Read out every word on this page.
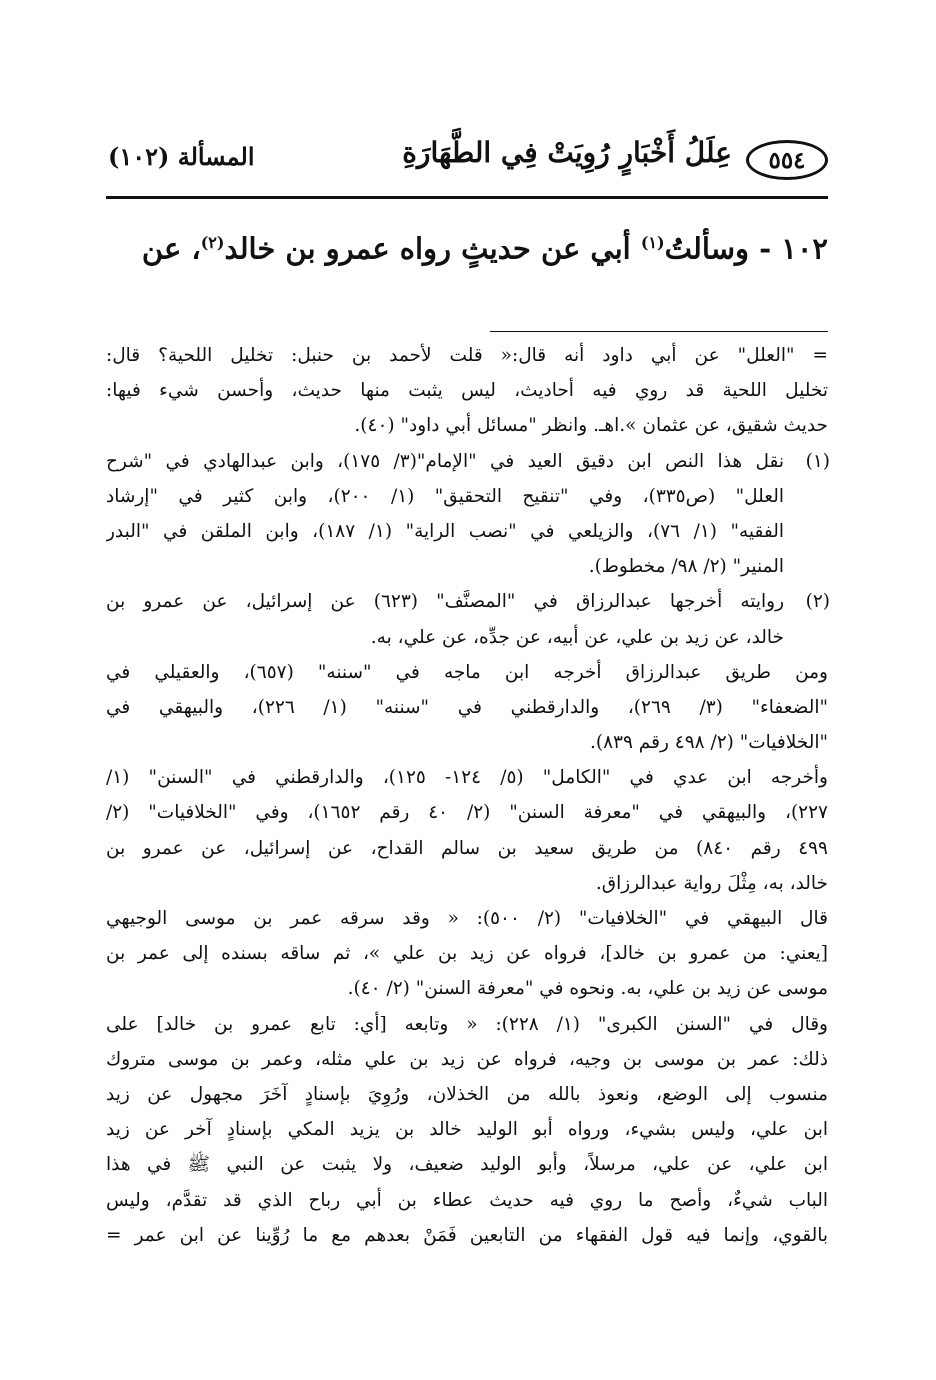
٥٥٤
عِلَلُ أَخْبَارٍ رُوِيَتْ فِي الطَّهَارَةِ
المسألة (١٠٢)
١٠٢ - وسألتُ$^{(١)}$ أبي عن حديثٍ رواه عمرو بن خالد$^{(٢)}$، عن
= "العلل" عن أبي داود أنه قال:« قلت لأحمد بن حنبل: تخليل اللحية؟ قال:
تخليل اللحية قد روي فيه أحاديث، ليس يثبت منها حديث، وأحسن شيء فيها:
حديث شقيق، عن عثمان ».اهـ. وانظر "مسائل أبي داود" (٤٠).
(١)
نقل هذا النص ابن دقيق العيد في "الإمام"(٣/ ١٧٥)، وابن عبدالهادي في "شرح
العلل" (ص٣٣٥)، وفي "تنقيح التحقيق" (١/ ٢٠٠)، وابن كثير في "إرشاد
الفقيه" (١/ ٧٦)، والزيلعي في "نصب الراية" (١/ ١٨٧)، وابن الملقن في "البدر
المنير" (٢/ ٩٨/ مخطوط).
(٢)
روايته أخرجها عبدالرزاق في "المصنَّف" (٦٢٣) عن إسرائيل، عن عمرو بن
خالد، عن زيد بن علي، عن أبيه، عن جدِّه، عن علي، به.
ومن طريق عبدالرزاق أخرجه ابن ماجه في "سننه" (٦٥٧)، والعقيلي في
"الضعفاء" (٣/ ٢٦٩)، والدارقطني في "سننه" (١/ ٢٢٦)، والبيهقي في
"الخلافيات" (٢/ ٤٩٨ رقم ٨٣٩).
وأخرجه ابن عدي في "الكامل" (٥/ ١٢٤- ١٢٥)، والدارقطني في "السنن" (١/
٢٢٧)، والبيهقي في "معرفة السنن" (٢/ ٤٠ رقم ١٦٥٢)، وفي "الخلافيات" (٢/
٤٩٩ رقم ٨٤٠) من طريق سعيد بن سالم القداح، عن إسرائيل، عن عمرو بن
خالد، به، مِثْلَ رواية عبدالرزاق.
قال البيهقي في "الخلافيات" (٢/ ٥٠٠): « وقد سرقه عمر بن موسى الوجيهي
[يعني: من عمرو بن خالد]، فرواه عن زيد بن علي »، ثم ساقه بسنده إلى عمر بن
موسى عن زيد بن علي، به. ونحوه في "معرفة السنن" (٢/ ٤٠).
وقال في "السنن الكبرى" (١/ ٢٢٨): « وتابعه [أي: تابع عمرو بن خالد] على
ذلك: عمر بن موسى بن وجيه، فرواه عن زيد بن علي مثله، وعمر بن موسى متروك
منسوب إلى الوضع، ونعوذ بالله من الخذلان، ورُوِيَ بإسنادٍ آخَرَ مجهول عن زيد
ابن علي، وليس بشيء، ورواه أبو الوليد خالد بن يزيد المكي بإسنادٍ آخر عن زيد
ابن علي، عن علي، مرسلاً، وأبو الوليد ضعيف، ولا يثبت عن النبي ﷺ في هذا
الباب شيءٌ، وأصح ما روي فيه حديث عطاء بن أبي رباح الذي قد تقدَّم، وليس
بالقوي، وإنما فيه قول الفقهاء من التابعين فَمَنْ بعدهم مع ما رُوِّينا عن ابن عمر =
